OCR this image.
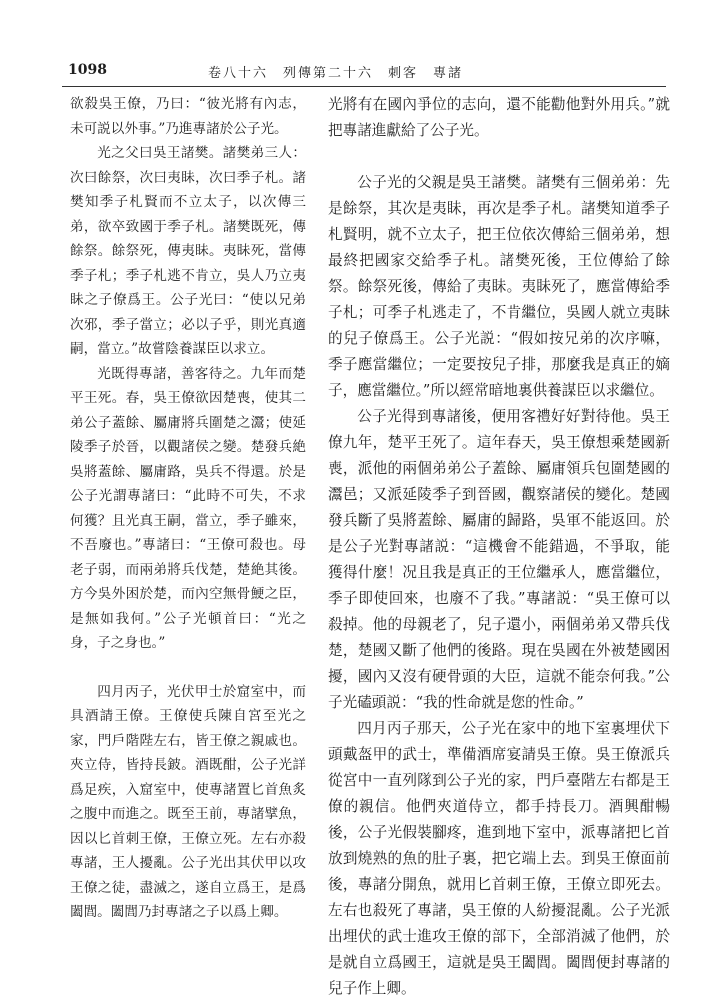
1098	卷八十六　列傳第二十六　刺客　專諸

欲殺吳王僚，乃曰：“彼光將有內志，未可説以外事。”乃進專諸於公子光。

光之父曰吳王諸樊。諸樊弟三人：次曰餘祭，次曰夷眛，次曰季子札。諸樊知季子札賢而不立太子，以次傳三弟，欲卒致國于季子札。諸樊既死，傳餘祭。餘祭死，傳夷眛。夷眛死，當傳季子札；季子札逃不肯立，吳人乃立夷眛之子僚爲王。公子光曰：“使以兄弟次邪，季子當立；必以子乎，則光真適嗣，當立。”故嘗陰養謀臣以求立。

光既得專諸，善客待之。九年而楚平王死。春，吳王僚欲因楚喪，使其二弟公子蓋餘、屬庸將兵圍楚之灊；使延陵季子於晉，以觀諸侯之變。楚發兵絶吳將蓋餘、屬庸路，吳兵不得還。於是公子光謂專諸曰：“此時不可失，不求何獲？且光真王嗣，當立，季子雖來，不吾廢也。”專諸曰：“王僚可殺也。母老子弱，而兩弟將兵伐楚，楚絶其後。方今吳外困於楚，而內空無骨鯁之臣，是無如我何。”公子光頓首曰：“光之身，子之身也。”

四月丙子，光伏甲士於窟室中，而具酒請王僚。王僚使兵陳自宮至光之家，門戶階陛左右，皆王僚之親戚也。夾立侍，皆持長鈹。酒既酣，公子光詳爲足疾，入窟室中，使專諸置匕首魚炙之腹中而進之。既至王前，專諸擘魚，因以匕首刺王僚，王僚立死。左右亦殺專諸，王人擾亂。公子光出其伏甲以攻王僚之徒，盡滅之，遂自立爲王，是爲闔閭。闔閭乃封專諸之子以爲上卿。

光將有在國內爭位的志向，還不能勸他對外用兵。”就把專諸進獻給了公子光。

公子光的父親是吳王諸樊。諸樊有三個弟弟：先是餘祭，其次是夷眛，再次是季子札。諸樊知道季子札賢明，就不立太子，把王位依次傳給三個弟弟，想最終把國家交給季子札。諸樊死後，王位傳給了餘祭。餘祭死後，傳給了夷眛。夷眛死了，應當傳給季子札；可季子札逃走了，不肯繼位，吳國人就立夷眛的兒子僚爲王。公子光説：“假如按兄弟的次序嘛，季子應當繼位；一定要按兒子排，那麼我是真正的嫡子，應當繼位。”所以經常暗地裏供養謀臣以求繼位。

公子光得到專諸後，便用客禮好好對待他。吳王僚九年，楚平王死了。這年春天，吳王僚想乘楚國新喪，派他的兩個弟弟公子蓋餘、屬庸領兵包圍楚國的灊邑；又派延陵季子到晉國，觀察諸侯的變化。楚國發兵斷了吳將蓋餘、屬庸的歸路，吳軍不能返回。於是公子光對專諸説：“這機會不能錯過，不爭取，能獲得什麼！况且我是真正的王位繼承人，應當繼位，季子即使回來，也廢不了我。”專諸説：“吳王僚可以殺掉。他的母親老了，兒子還小，兩個弟弟又帶兵伐楚，楚國又斷了他們的後路。現在吳國在外被楚國困擾，國內又沒有硬骨頭的大臣，這就不能奈何我。”公子光磕頭説：“我的性命就是您的性命。”

四月丙子那天，公子光在家中的地下室裏埋伏下頭戴盔甲的武士，準備酒席宴請吳王僚。吳王僚派兵從宮中一直列隊到公子光的家，門戶臺階左右都是王僚的親信。他們夾道侍立，都手持長刀。酒興酣暢後，公子光假裝腳疼，進到地下室中，派專諸把匕首放到燒熟的魚的肚子裏，把它端上去。到吳王僚面前後，專諸分開魚，就用匕首刺王僚，王僚立即死去。左右也殺死了專諸，吳王僚的人紛擾混亂。公子光派出埋伏的武士進攻王僚的部下，全部消滅了他們，於是就自立爲國王，這就是吳王闔閭。闔閭便封專諸的兒子作上卿。
